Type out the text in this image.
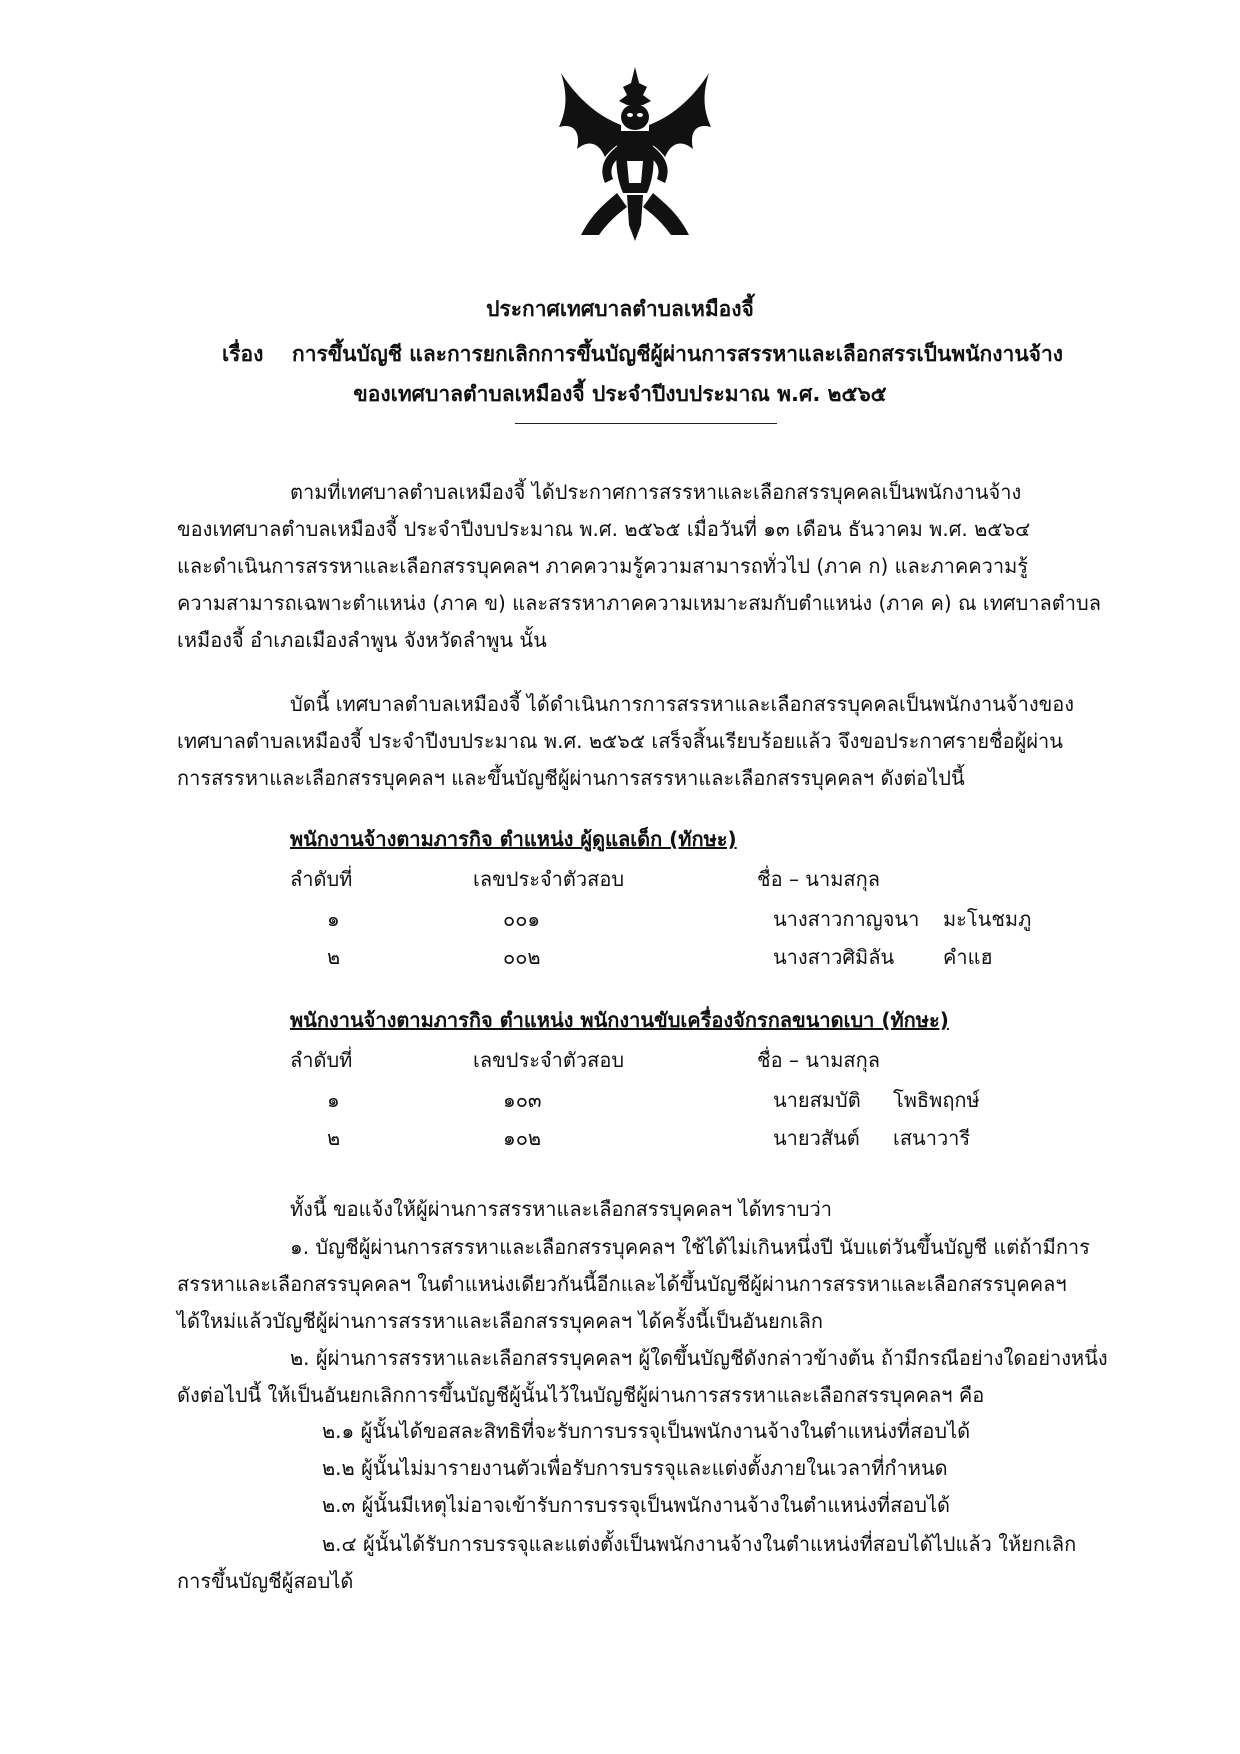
ประกาศเทศบาลตำบลเหมืองจี้
เรื่อง การขึ้นบัญชี และการยกเลิกการขึ้นบัญชีผู้ผ่านการสรรหาและเลือกสรรเป็นพนักงานจ้าง
ของเทศบาลตำบลเหมืองจี้ ประจำปีงบประมาณ พ.ศ. ๒๕๖๕
ตามที่เทศบาลตำบลเหมืองจี้ ได้ประกาศการสรรหาและเลือกสรรบุคคลเป็นพนักงานจ้าง
ของเทศบาลตำบลเหมืองจี้ ประจำปีงบประมาณ พ.ศ. ๒๕๖๕ เมื่อวันที่ ๑๓ เดือน ธันวาคม พ.ศ. ๒๕๖๔
และดำเนินการสรรหาและเลือกสรรบุคคลฯ ภาคความรู้ความสามารถทั่วไป (ภาค ก) และภาคความรู้
ความสามารถเฉพาะตำแหน่ง (ภาค ข) และสรรหาภาคความเหมาะสมกับตำแหน่ง (ภาค ค) ณ เทศบาลตำบล
เหมืองจี้ อำเภอเมืองลำพูน จังหวัดลำพูน นั้น
บัดนี้ เทศบาลตำบลเหมืองจี้ ได้ดำเนินการการสรรหาและเลือกสรรบุคคลเป็นพนักงานจ้างของ
เทศบาลตำบลเหมืองจี้ ประจำปีงบประมาณ พ.ศ. ๒๕๖๕ เสร็จสิ้นเรียบร้อยแล้ว จึงขอประกาศรายชื่อผู้ผ่าน
การสรรหาและเลือกสรรบุคคลฯ และขึ้นบัญชีผู้ผ่านการสรรหาและเลือกสรรบุคคลฯ ดังต่อไปนี้
พนักงานจ้างตามภารกิจ ตำแหน่ง ผู้ดูแลเด็ก (ทักษะ)
ลำดับที่	เลขประจำตัวสอบ	ชื่อ – นามสกุล
๑	๐๐๑	นางสาวกาญจนา มะโนชมภู
๒	๐๐๒	นางสาวศิมิลัน คำแฮ
พนักงานจ้างตามภารกิจ ตำแหน่ง พนักงานขับเครื่องจักรกลขนาดเบา (ทักษะ)
ลำดับที่	เลขประจำตัวสอบ	ชื่อ – นามสกุล
๑	๑๐๓	นายสมบัติ โพธิพฤกษ์
๒	๑๐๒	นายวสันต์ เสนาวารี
ทั้งนี้ ขอแจ้งให้ผู้ผ่านการสรรหาและเลือกสรรบุคคลฯ ได้ทราบว่า
๑. บัญชีผู้ผ่านการสรรหาและเลือกสรรบุคคลฯ ใช้ได้ไม่เกินหนึ่งปี นับแต่วันขึ้นบัญชี แต่ถ้ามีการ
สรรหาและเลือกสรรบุคคลฯ ในตำแหน่งเดียวกันนี้อีกและได้ขึ้นบัญชีผู้ผ่านการสรรหาและเลือกสรรบุคคลฯ
ได้ใหม่แล้วบัญชีผู้ผ่านการสรรหาและเลือกสรรบุคคลฯ ได้ครั้งนี้เป็นอันยกเลิก
๒. ผู้ผ่านการสรรหาและเลือกสรรบุคคลฯ ผู้ใดขึ้นบัญชีดังกล่าวข้างต้น ถ้ามีกรณีอย่างใดอย่างหนึ่ง
ดังต่อไปนี้ ให้เป็นอันยกเลิกการขึ้นบัญชีผู้นั้นไว้ในบัญชีผู้ผ่านการสรรหาและเลือกสรรบุคคลฯ คือ
๒.๑ ผู้นั้นได้ขอสละสิทธิที่จะรับการบรรจุเป็นพนักงานจ้างในตำแหน่งที่สอบได้
๒.๒ ผู้นั้นไม่มารายงานตัวเพื่อรับการบรรจุและแต่งตั้งภายในเวลาที่กำหนด
๒.๓ ผู้นั้นมีเหตุไม่อาจเข้ารับการบรรจุเป็นพนักงานจ้างในตำแหน่งที่สอบได้
๒.๔ ผู้นั้นได้รับการบรรจุและแต่งตั้งเป็นพนักงานจ้างในตำแหน่งที่สอบได้ไปแล้ว ให้ยกเลิก
การขึ้นบัญชีผู้สอบได้
